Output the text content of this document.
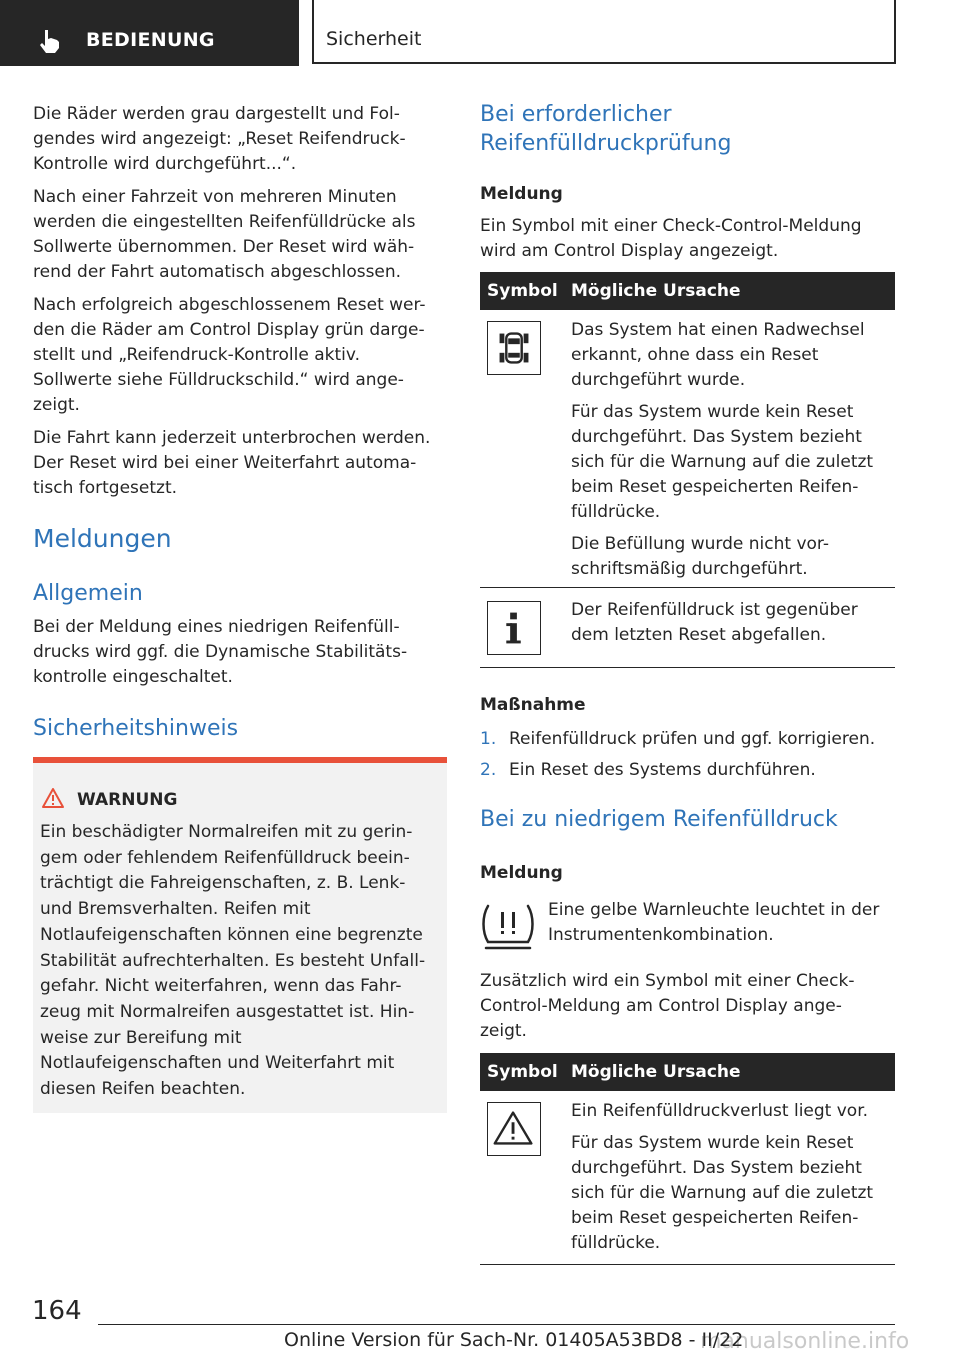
BEDIENUNG	Sicherheit
Die Räder werden grau dargestellt und Fol-
gendes wird angezeigt: „Reset Reifendruck-
Kontrolle wird durchgeführt...“.
Nach einer Fahrzeit von mehreren Minuten
werden die eingestellten Reifenfülldrücke als
Sollwerte übernommen. Der Reset wird wäh-
rend der Fahrt automatisch abgeschlossen.
Nach erfolgreich abgeschlossenem Reset wer-
den die Räder am Control Display grün darge-
stellt und „Reifendruck-Kontrolle aktiv.
Sollwerte siehe Fülldruckschild.“ wird ange-
zeigt.
Die Fahrt kann jederzeit unterbrochen werden.
Der Reset wird bei einer Weiterfahrt automa-
tisch fortgesetzt.
Meldungen
Allgemein
Bei der Meldung eines niedrigen Reifenfüll-
drucks wird ggf. die Dynamische Stabilitäts-
kontrolle eingeschaltet.
Sicherheitshinweis
WARNUNG
Ein beschädigter Normalreifen mit zu gerin-
gem oder fehlendem Reifenfülldruck beein-
trächtigt die Fahreigenschaften, z. B. Lenk-
und Bremsverhalten. Reifen mit
Notlaufeigenschaften können eine begrenzte
Stabilität aufrechterhalten. Es besteht Unfall-
gefahr. Nicht weiterfahren, wenn das Fahr-
zeug mit Normalreifen ausgestattet ist. Hin-
weise zur Bereifung mit
Notlaufeigenschaften und Weiterfahrt mit
diesen Reifen beachten.
Bei erforderlicher
Reifenfülldruckprüfung
Meldung
Ein Symbol mit einer Check-Control-Meldung
wird am Control Display angezeigt.
Symbol Mögliche Ursache
Das System hat einen Radwechsel
erkannt, ohne dass ein Reset
durchgeführt wurde.
Für das System wurde kein Reset
durchgeführt. Das System bezieht
sich für die Warnung auf die zuletzt
beim Reset gespeicherten Reifen-
fülldrücke.
Die Befüllung wurde nicht vor-
schriftsmäßig durchgeführt.
Der Reifenfülldruck ist gegenüber
dem letzten Reset abgefallen.
Maßnahme
1. Reifenfülldruck prüfen und ggf. korrigieren.
2. Ein Reset des Systems durchführen.
Bei zu niedrigem Reifenfülldruck
Meldung
Eine gelbe Warnleuchte leuchtet in der
Instrumentenkombination.
Zusätzlich wird ein Symbol mit einer Check-
Control-Meldung am Control Display ange-
zeigt.
Symbol Mögliche Ursache
Ein Reifenfülldruckverlust liegt vor.
Für das System wurde kein Reset
durchgeführt. Das System bezieht
sich für die Warnung auf die zuletzt
beim Reset gespeicherten Reifen-
fülldrücke.
164
manualsonline.info
Online Version für Sach-Nr. 01405A53BD8 - II/22
